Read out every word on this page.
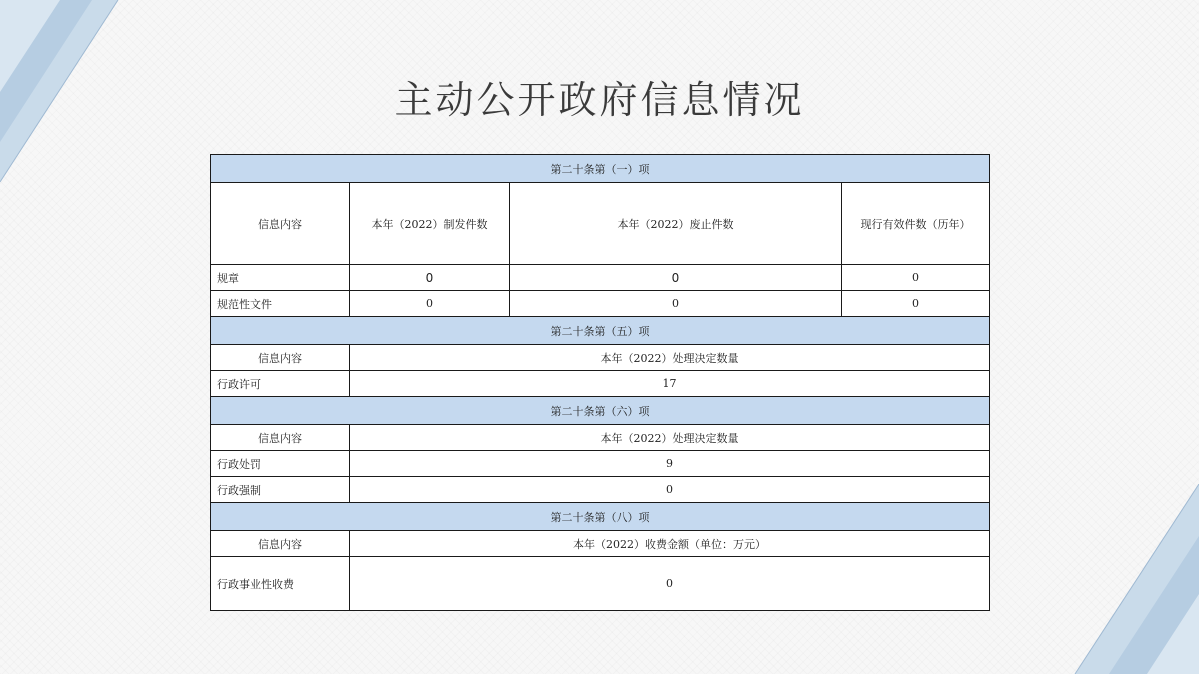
主动公开政府信息情况
第二十条第（一）项			
信息内容	本年（2022）制发件数	本年（2022）废止件数	现行有效件数（历年）
规章	0	0	0
规范性文件	0	0	0
第二十条第（五）项			
信息内容	本年（2022）处理决定数量		
行政许可	17		
第二十条第（六）项			
信息内容	本年（2022）处理决定数量		
行政处罚	9		
行政强制	0		
第二十条第（八）项			
信息内容	本年（2022）收费金额（单位：万元）		
行政事业性收费	0		
